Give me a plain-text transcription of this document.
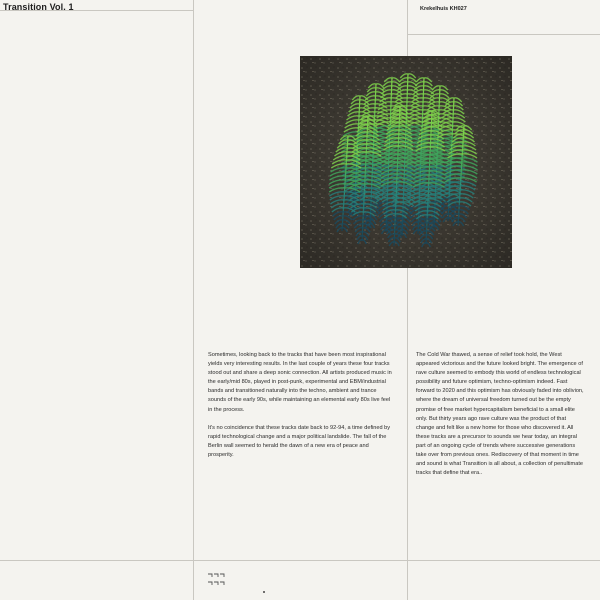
Transition Vol. 1	Krekelhuis KH027

Sometimes, looking back to the tracks that have been most inspirational yields very interesting results. In the last couple of years these four tracks stood out and share a deep sonic connection. All artists produced music in the early/mid 80s, played in post-punk, experimental and EBM/industrial bands and transitioned naturally into the techno, ambient and trance sounds of the early 90s, while maintaining an elemental early 80s live feel in the process.

It's no coincidence that these tracks date back to 92-94, a time defined by rapid technological change and a major political landslide. The fall of the Berlin wall seemed to herald the dawn of a new era of peace and prosperity.

The Cold War thawed, a sense of relief took hold, the West appeared victorious and the future looked bright. The emergence of rave culture seemed to embody this world of endless technological possibility and future optimism, techno-optimism indeed. Fast forward to 2020 and this optimism has obviously faded into oblivion, where the dream of universal freedom turned out be the empty promise of free market hypercapitalism beneficial to a small elite only. But thirty years ago rave culture was the product of that change and felt like a new home for those who discovered it. All these tracks are a precursor to sounds we hear today, an integral part of an ongoing cycle of trends where successive generations take over from previous ones. Rediscovery of that moment in time and sound is what Transition is all about, a collection of penultimate tracks that define that era..
